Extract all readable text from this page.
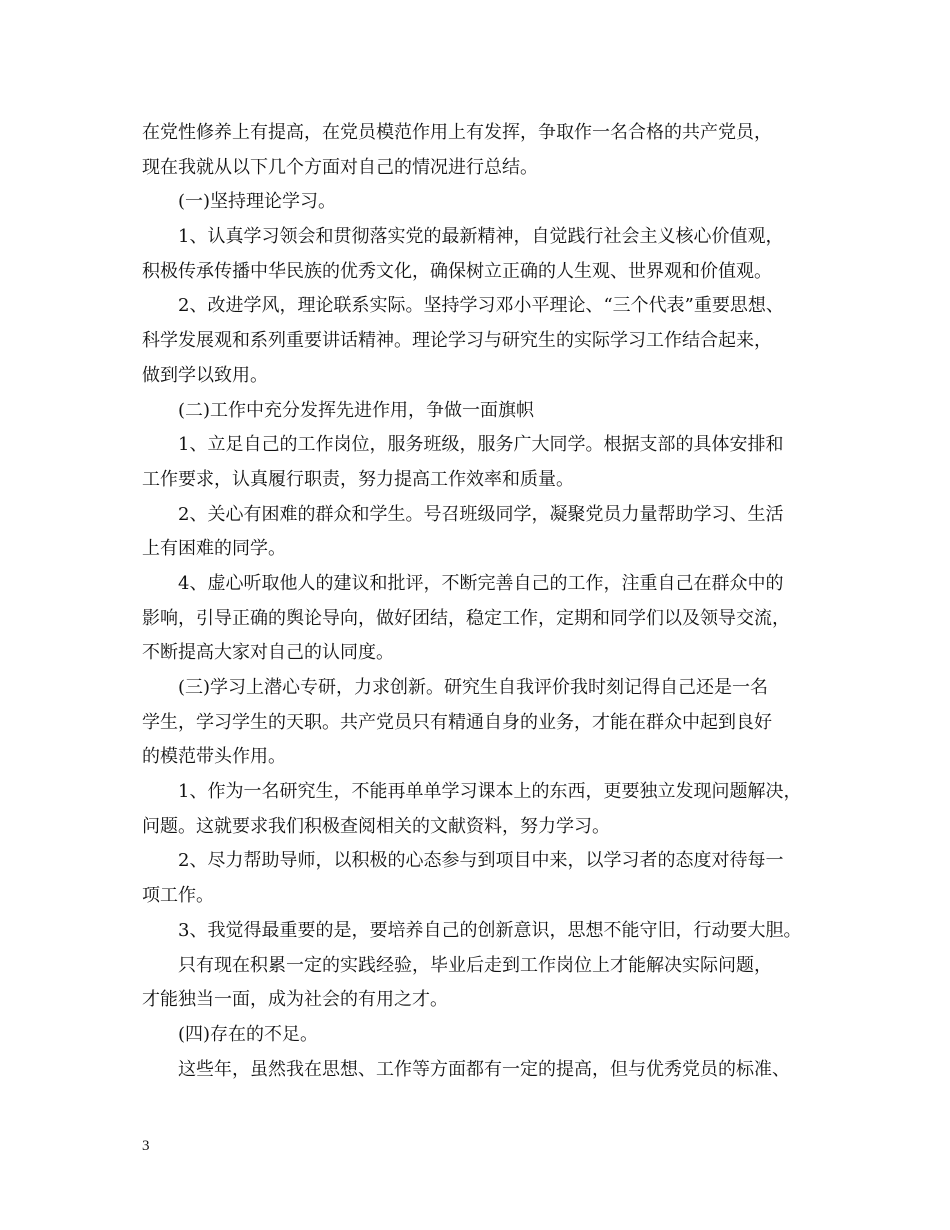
在党性修养上有提高，在党员模范作用上有发挥，争取作一名合格的共产党员，
现在我就从以下几个方面对自己的情况进行总结。
(一)坚持理论学习。
1、认真学习领会和贯彻落实党的最新精神，自觉践行社会主义核心价值观，
积极传承传播中华民族的优秀文化，确保树立正确的人生观、世界观和价值观。
2、改进学风，理论联系实际。坚持学习邓小平理论、“三个代表”重要思想、
科学发展观和系列重要讲话精神。理论学习与研究生的实际学习工作结合起来，
做到学以致用。
(二)工作中充分发挥先进作用，争做一面旗帜
1、立足自己的工作岗位，服务班级，服务广大同学。根据支部的具体安排和
工作要求，认真履行职责，努力提高工作效率和质量。
2、关心有困难的群众和学生。号召班级同学，凝聚党员力量帮助学习、生活
上有困难的同学。
4、虚心听取他人的建议和批评，不断完善自己的工作，注重自己在群众中的
影响，引导正确的舆论导向，做好团结，稳定工作，定期和同学们以及领导交流，
不断提高大家对自己的认同度。
(三)学习上潜心专研，力求创新。研究生自我评价我时刻记得自己还是一名
学生，学习学生的天职。共产党员只有精通自身的业务，才能在群众中起到良好
的模范带头作用。
1、作为一名研究生，不能再单单学习课本上的东西，更要独立发现问题解决，
问题。这就要求我们积极查阅相关的文献资料，努力学习。
2、尽力帮助导师，以积极的心态参与到项目中来，以学习者的态度对待每一
项工作。
3、我觉得最重要的是，要培养自己的创新意识，思想不能守旧，行动要大胆。
只有现在积累一定的实践经验，毕业后走到工作岗位上才能解决实际问题，
才能独当一面，成为社会的有用之才。
(四)存在的不足。
这些年，虽然我在思想、工作等方面都有一定的提高，但与优秀党员的标准、
3
